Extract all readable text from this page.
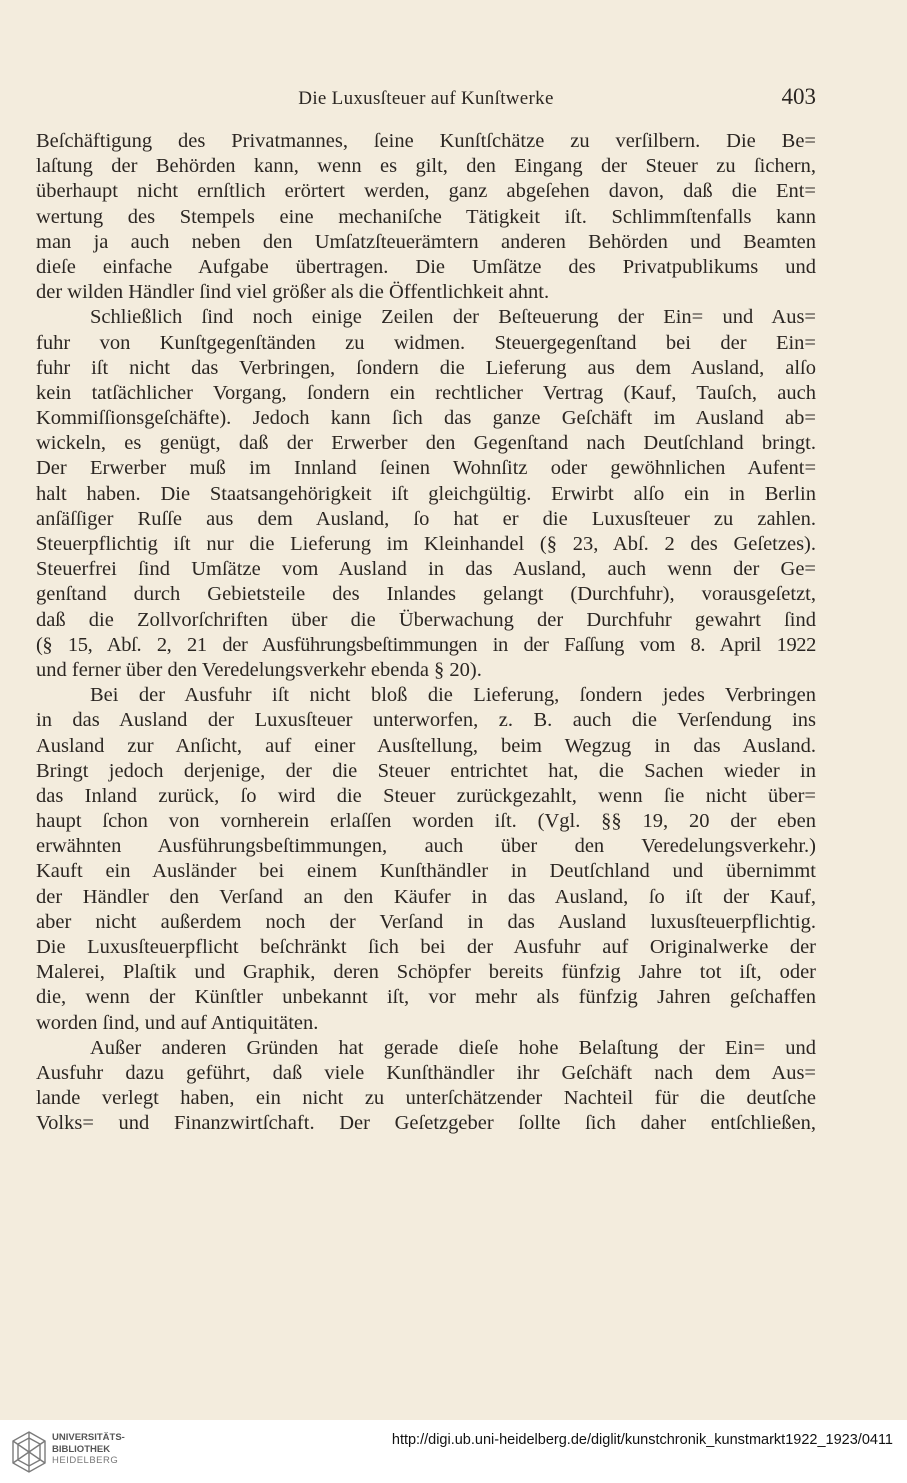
Die Luxusſteuer auf Kunſtwerke	403
Beſchäftigung des Privatmannes, ſeine Kunſtſchätze zu verſilbern. Die Be=
laſtung der Behörden kann, wenn es gilt, den Eingang der Steuer zu ſichern,
überhaupt nicht ernſtlich erörtert werden, ganz abgeſehen davon, daß die Ent=
wertung des Stempels eine mechaniſche Tätigkeit iſt. Schlimmſtenfalls kann
man ja auch neben den Umſatzſteuerämtern anderen Behörden und Beamten
dieſe einfache Aufgabe übertragen. Die Umſätze des Privatpublikums und
der wilden Händler ſind viel größer als die Öffentlichkeit ahnt.
Schließlich ſind noch einige Zeilen der Beſteuerung der Ein= und Aus=
fuhr von Kunſtgegenſtänden zu widmen. Steuergegenſtand bei der Ein=
fuhr iſt nicht das Verbringen, ſondern die Lieferung aus dem Ausland, alſo
kein tatſächlicher Vorgang, ſondern ein rechtlicher Vertrag (Kauf, Tauſch, auch
Kommiſſionsgeſchäfte). Jedoch kann ſich das ganze Geſchäft im Ausland ab=
wickeln, es genügt, daß der Erwerber den Gegenſtand nach Deutſchland bringt.
Der Erwerber muß im Innland ſeinen Wohnſitz oder gewöhnlichen Aufent=
halt haben. Die Staatsangehörigkeit iſt gleichgültig. Erwirbt alſo ein in Berlin
anſäſſiger Ruſſe aus dem Ausland, ſo hat er die Luxusſteuer zu zahlen.
Steuerpflichtig iſt nur die Lieferung im Kleinhandel (§ 23, Abſ. 2 des Geſetzes).
Steuerfrei ſind Umſätze vom Ausland in das Ausland, auch wenn der Ge=
genſtand durch Gebietsteile des Inlandes gelangt (Durchfuhr), vorausgeſetzt,
daß die Zollvorſchriften über die Überwachung der Durchfuhr gewahrt ſind
(§ 15, Abſ. 2, 21 der Ausführungsbeſtimmungen in der Faſſung vom 8. April 1922
und ferner über den Veredelungsverkehr ebenda § 20).
Bei der Ausfuhr iſt nicht bloß die Lieferung, ſondern jedes Verbringen
in das Ausland der Luxusſteuer unterworfen, z. B. auch die Verſendung ins
Ausland zur Anſicht, auf einer Ausſtellung, beim Wegzug in das Ausland.
Bringt jedoch derjenige, der die Steuer entrichtet hat, die Sachen wieder in
das Inland zurück, ſo wird die Steuer zurückgezahlt, wenn ſie nicht über=
haupt ſchon von vornherein erlaſſen worden iſt. (Vgl. §§ 19, 20 der eben
erwähnten Ausführungsbeſtimmungen, auch über den Veredelungsverkehr.)
Kauft ein Ausländer bei einem Kunſthändler in Deutſchland und übernimmt
der Händler den Verſand an den Käufer in das Ausland, ſo iſt der Kauf,
aber nicht außerdem noch der Verſand in das Ausland luxusſteuerpflichtig.
Die Luxusſteuerpflicht beſchränkt ſich bei der Ausfuhr auf Originalwerke der
Malerei, Plaſtik und Graphik, deren Schöpfer bereits fünfzig Jahre tot iſt, oder
die, wenn der Künſtler unbekannt iſt, vor mehr als fünfzig Jahren geſchaffen
worden ſind, und auf Antiquitäten.
Außer anderen Gründen hat gerade dieſe hohe Belaſtung der Ein= und
Ausfuhr dazu geführt, daß viele Kunſthändler ihr Geſchäft nach dem Aus=
lande verlegt haben, ein nicht zu unterſchätzender Nachteil für die deutſche
Volks= und Finanzwirtſchaft. Der Geſetzgeber ſollte ſich daher entſchließen,
UNIVERSITÄTS-
BIBLIOTHEK
HEIDELBERG
http://digi.ub.uni-heidelberg.de/diglit/kunstchronik_kunstmarkt1922_1923/0411
